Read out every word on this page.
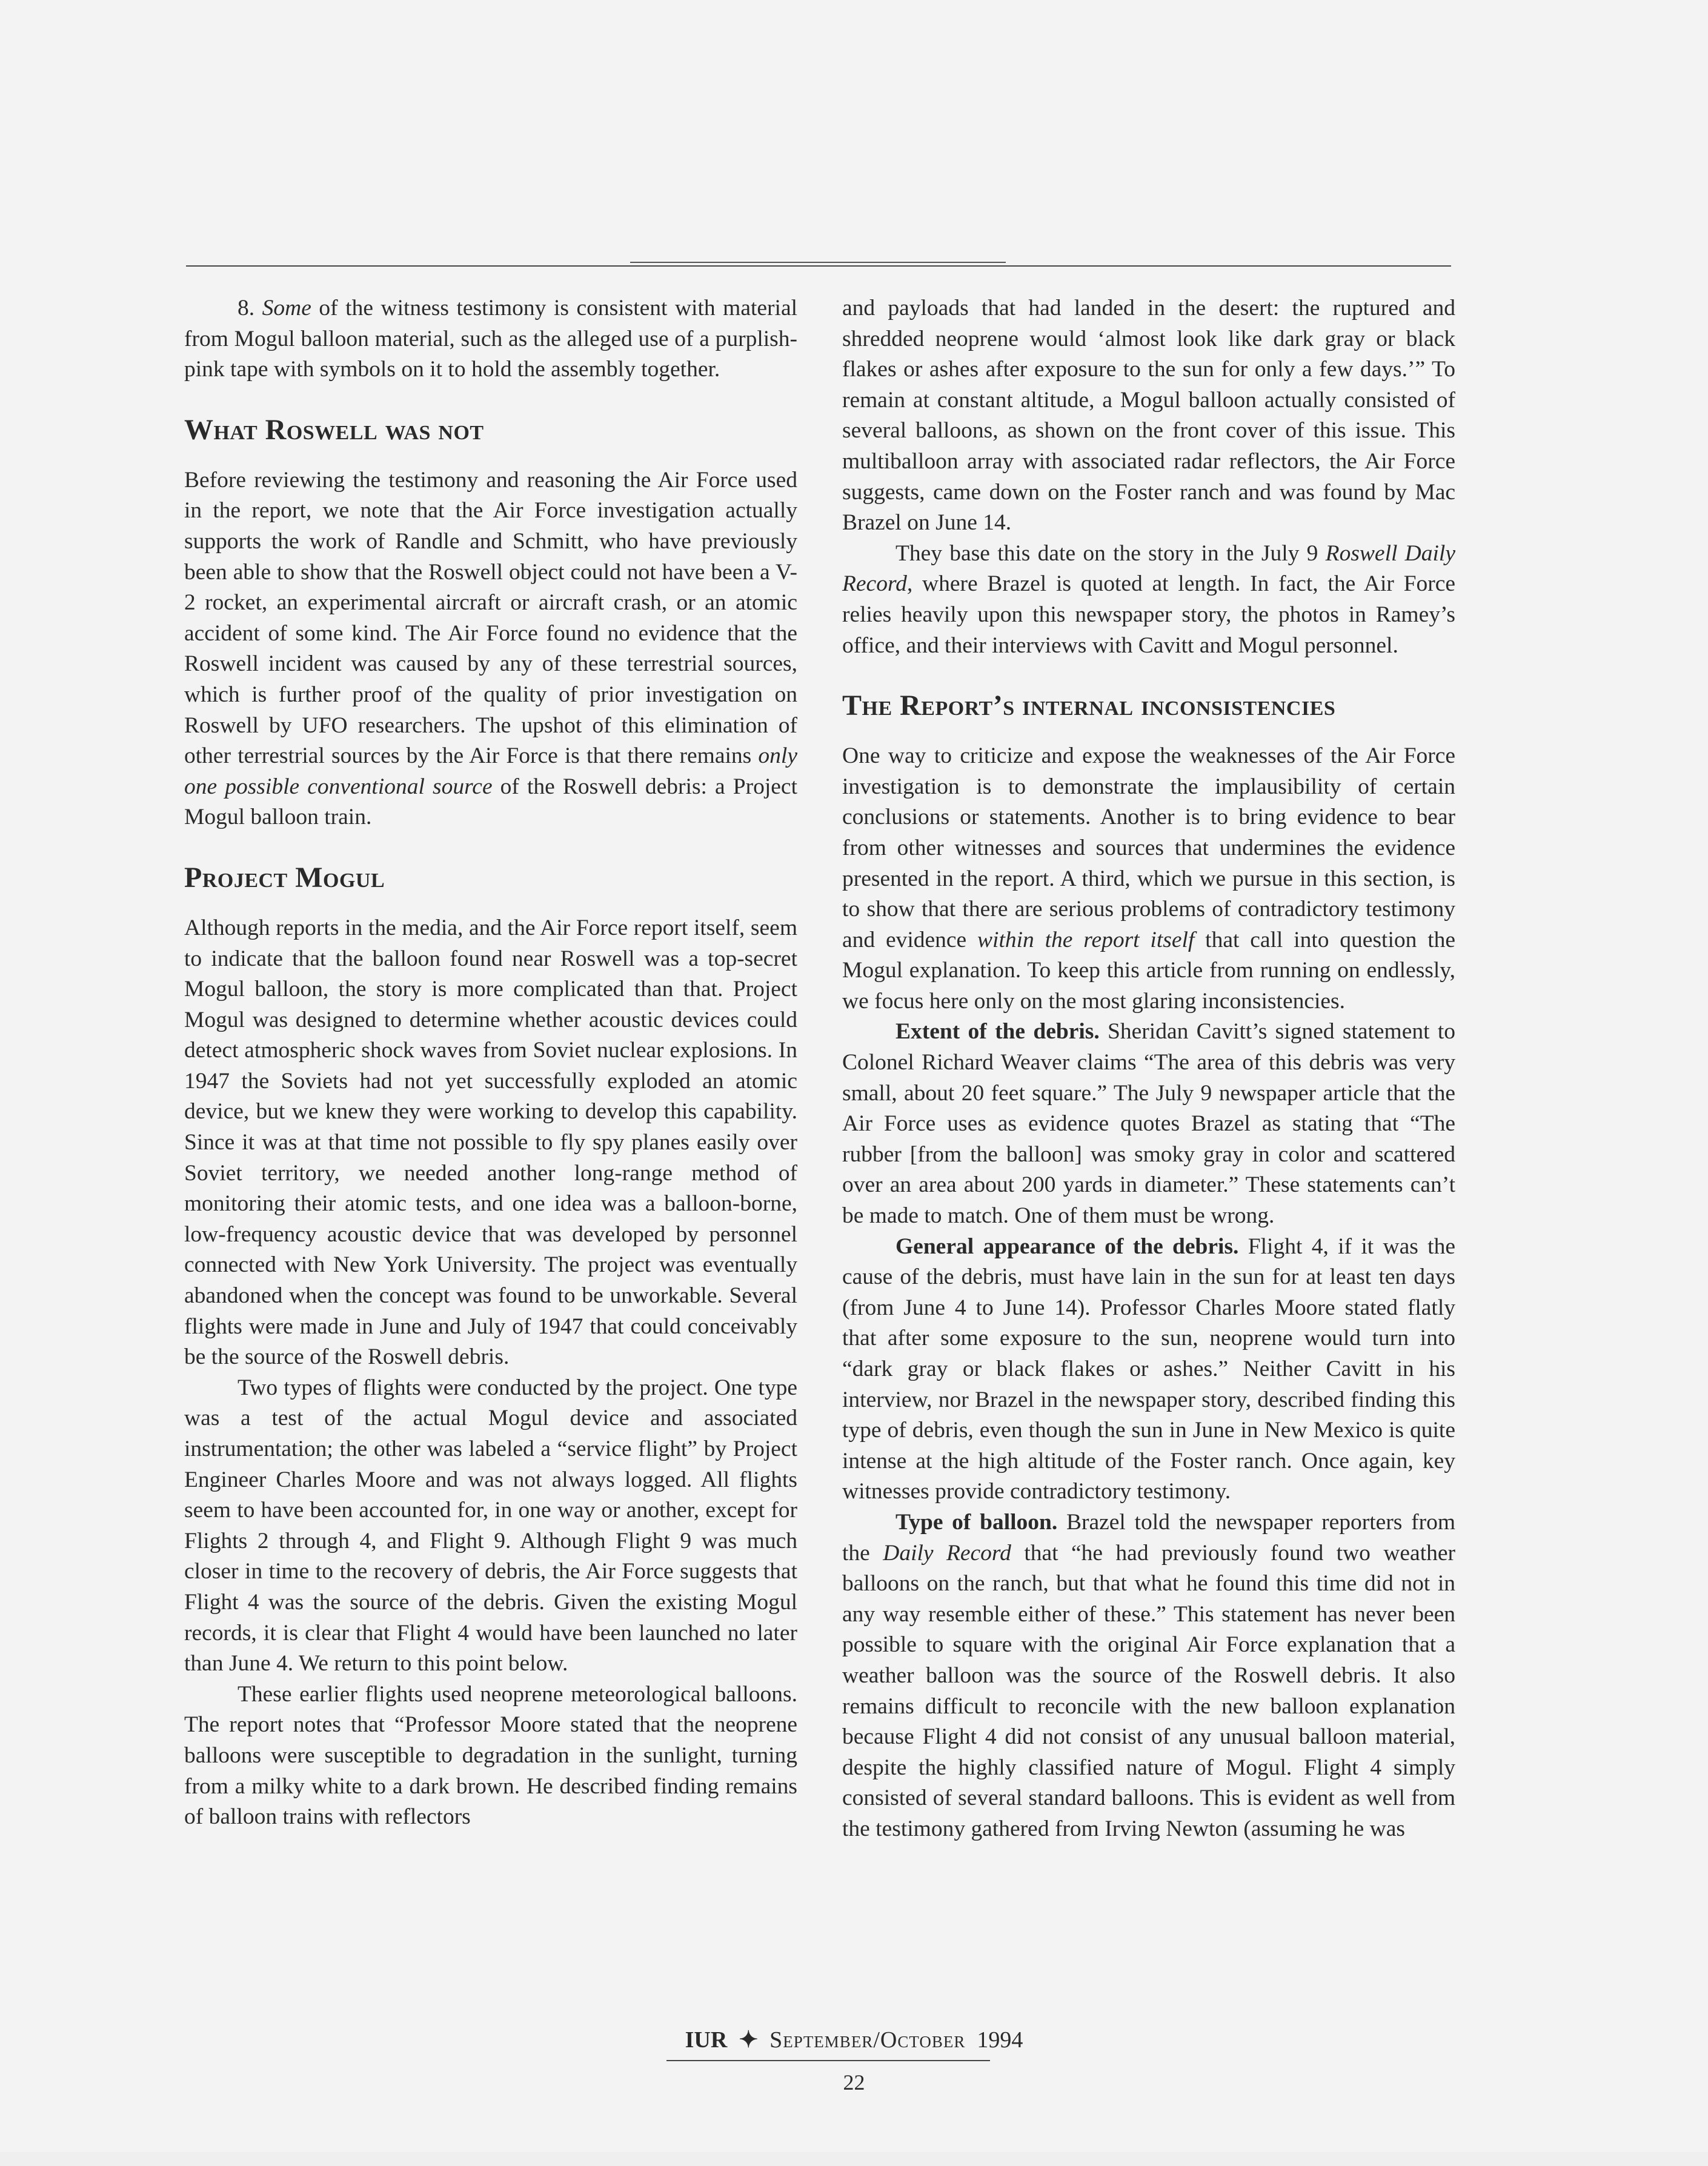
8. Some of the witness testimony is consistent with material from Mogul balloon material, such as the alleged use of a purplish-pink tape with symbols on it to hold the assembly together.

What Roswell was not

Before reviewing the testimony and reasoning the Air Force used in the report, we note that the Air Force investigation actually supports the work of Randle and Schmitt, who have previously been able to show that the Roswell object could not have been a V-2 rocket, an experimental aircraft or aircraft crash, or an atomic accident of some kind. The Air Force found no evidence that the Roswell incident was caused by any of these terrestrial sources, which is further proof of the quality of prior investigation on Roswell by UFO researchers. The upshot of this elimination of other terrestrial sources by the Air Force is that there remains only one possible conventional source of the Roswell debris: a Project Mogul balloon train.

Project Mogul

Although reports in the media, and the Air Force report itself, seem to indicate that the balloon found near Roswell was a top-secret Mogul balloon, the story is more complicated than that. Project Mogul was designed to determine whether acoustic devices could detect atmospheric shock waves from Soviet nuclear explosions. In 1947 the Soviets had not yet successfully exploded an atomic device, but we knew they were working to develop this capability. Since it was at that time not possible to fly spy planes easily over Soviet territory, we needed another long-range method of monitoring their atomic tests, and one idea was a balloon-borne, low-frequency acoustic device that was developed by personnel connected with New York University. The project was eventually abandoned when the concept was found to be unworkable. Several flights were made in June and July of 1947 that could conceivably be the source of the Roswell debris.

Two types of flights were conducted by the project. One type was a test of the actual Mogul device and associated instrumentation; the other was labeled a “service flight” by Project Engineer Charles Moore and was not always logged. All flights seem to have been accounted for, in one way or another, except for Flights 2 through 4, and Flight 9. Although Flight 9 was much closer in time to the recovery of debris, the Air Force suggests that Flight 4 was the source of the debris. Given the existing Mogul records, it is clear that Flight 4 would have been launched no later than June 4. We return to this point below.

These earlier flights used neoprene meteorological balloons. The report notes that “Professor Moore stated that the neoprene balloons were susceptible to degradation in the sunlight, turning from a milky white to a dark brown. He described finding remains of balloon trains with reflectors

and payloads that had landed in the desert: the ruptured and shredded neoprene would ‘almost look like dark gray or black flakes or ashes after exposure to the sun for only a few days.’” To remain at constant altitude, a Mogul balloon actually consisted of several balloons, as shown on the front cover of this issue. This multiballoon array with associated radar reflectors, the Air Force suggests, came down on the Foster ranch and was found by Mac Brazel on June 14.

They base this date on the story in the July 9 Roswell Daily Record, where Brazel is quoted at length. In fact, the Air Force relies heavily upon this newspaper story, the photos in Ramey’s office, and their interviews with Cavitt and Mogul personnel.

The Report’s internal inconsistencies

One way to criticize and expose the weaknesses of the Air Force investigation is to demonstrate the implausibility of certain conclusions or statements. Another is to bring evidence to bear from other witnesses and sources that undermines the evidence presented in the report. A third, which we pursue in this section, is to show that there are serious problems of contradictory testimony and evidence within the report itself that call into question the Mogul explanation. To keep this article from running on endlessly, we focus here only on the most glaring inconsistencies.

Extent of the debris. Sheridan Cavitt’s signed statement to Colonel Richard Weaver claims “The area of this debris was very small, about 20 feet square.” The July 9 newspaper article that the Air Force uses as evidence quotes Brazel as stating that “The rubber [from the balloon] was smoky gray in color and scattered over an area about 200 yards in diameter.” These statements can’t be made to match. One of them must be wrong.

General appearance of the debris. Flight 4, if it was the cause of the debris, must have lain in the sun for at least ten days (from June 4 to June 14). Professor Charles Moore stated flatly that after some exposure to the sun, neoprene would turn into “dark gray or black flakes or ashes.” Neither Cavitt in his interview, nor Brazel in the newspaper story, described finding this type of debris, even though the sun in June in New Mexico is quite intense at the high altitude of the Foster ranch. Once again, key witnesses provide contradictory testimony.

Type of balloon. Brazel told the newspaper reporters from the Daily Record that “he had previously found two weather balloons on the ranch, but that what he found this time did not in any way resemble either of these.” This statement has never been possible to square with the original Air Force explanation that a weather balloon was the source of the Roswell debris. It also remains difficult to reconcile with the new balloon explanation because Flight 4 did not consist of any unusual balloon material, despite the highly classified nature of Mogul. Flight 4 simply consisted of several standard balloons. This is evident as well from the testimony gathered from Irving Newton (assuming he was

IUR ✦ September/October 1994
22
